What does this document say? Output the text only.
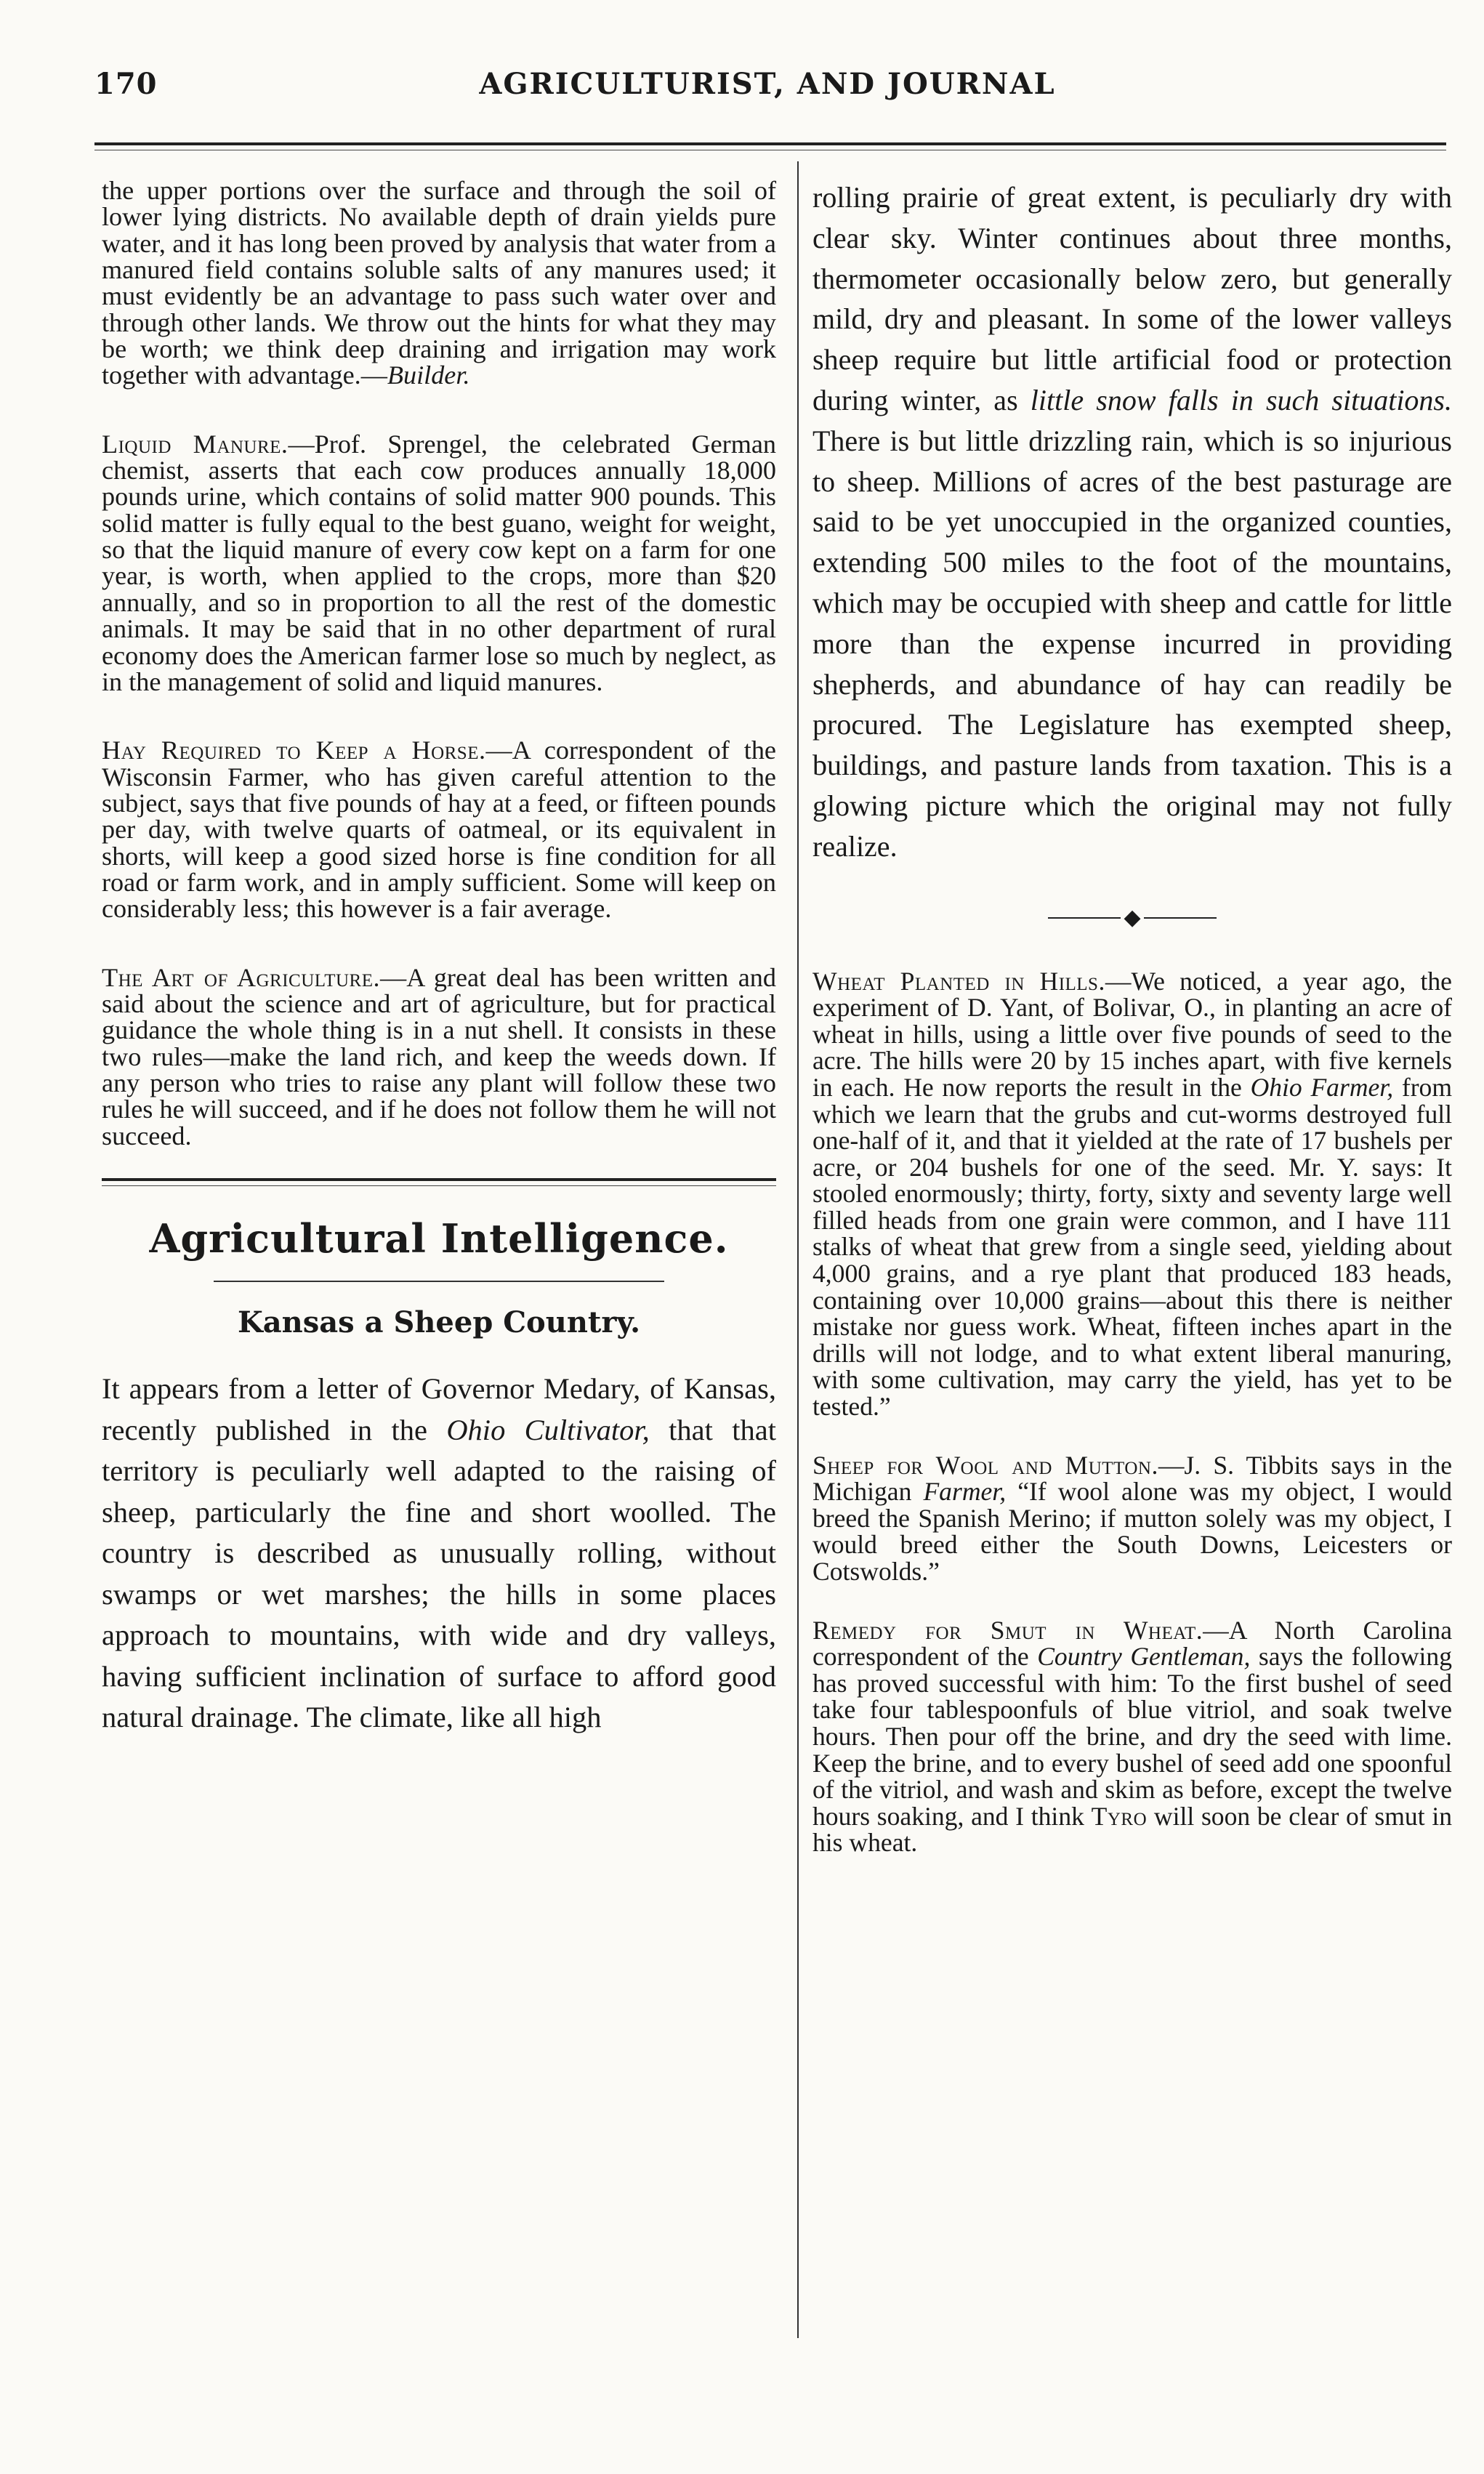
170	AGRICULTURIST, AND JOURNAL

the upper portions over the surface and through the soil of lower lying districts. No available depth of drain yields pure water, and it has long been proved by analysis that water from a manured field contains soluble salts of any manures used; it must evidently be an advantage to pass such water over and through other lands. We throw out the hints for what they may be worth; we think deep draining and irrigation may work together with advantage.—Builder.

Liquid Manure.—Prof. Sprengel, the celebrated German chemist, asserts that each cow produces annually 18,000 pounds urine, which contains of solid matter 900 pounds. This solid matter is fully equal to the best guano, weight for weight, so that the liquid manure of every cow kept on a farm for one year, is worth, when applied to the crops, more than $20 annually, and so in proportion to all the rest of the domestic animals. It may be said that in no other department of rural economy does the American farmer lose so much by neglect, as in the management of solid and liquid manures.

Hay Required to Keep a Horse.—A correspondent of the Wisconsin Farmer, who has given careful attention to the subject, says that five pounds of hay at a feed, or fifteen pounds per day, with twelve quarts of oatmeal, or its equivalent in shorts, will keep a good sized horse is fine condition for all road or farm work, and in amply sufficient. Some will keep on considerably less; this however is a fair average.

The Art of Agriculture.—A great deal has been written and said about the science and art of agriculture, but for practical guidance the whole thing is in a nut shell. It consists in these two rules—make the land rich, and keep the weeds down. If any person who tries to raise any plant will follow these two rules he will succeed, and if he does not follow them he will not succeed.

Agricultural Intelligence.
Kansas a Sheep Country.

It appears from a letter of Governor Medary, of Kansas, recently published in the Ohio Cultivator, that that territory is peculiarly well adapted to the raising of sheep, particularly the fine and short woolled. The country is described as unusually rolling, without swamps or wet marshes; the hills in some places approach to mountains, with wide and dry valleys, having sufficient inclination of surface to afford good natural drainage. The climate, like all high

rolling prairie of great extent, is peculiarly dry with clear sky. Winter continues about three months, thermometer occasionally below zero, but generally mild, dry and pleasant. In some of the lower valleys sheep require but little artificial food or protection during winter, as little snow falls in such situations. There is but little drizzling rain, which is so injurious to sheep. Millions of acres of the best pasturage are said to be yet unoccupied in the organized counties, extending 500 miles to the foot of the mountains, which may be occupied with sheep and cattle for little more than the expense incurred in providing shepherds, and abundance of hay can readily be procured. The Legislature has exempted sheep, buildings, and pasture lands from taxation. This is a glowing picture which the original may not fully realize.

◆

Wheat Planted in Hills.—We noticed, a year ago, the experiment of D. Yant, of Bolivar, O., in planting an acre of wheat in hills, using a little over five pounds of seed to the acre. The hills were 20 by 15 inches apart, with five kernels in each. He now reports the result in the Ohio Farmer, from which we learn that the grubs and cut-worms destroyed full one-half of it, and that it yielded at the rate of 17 bushels per acre, or 204 bushels for one of the seed. Mr. Y. says: It stooled enormously; thirty, forty, sixty and seventy large well filled heads from one grain were common, and I have 111 stalks of wheat that grew from a single seed, yielding about 4,000 grains, and a rye plant that produced 183 heads, containing over 10,000 grains—about this there is neither mistake nor guess work. Wheat, fifteen inches apart in the drills will not lodge, and to what extent liberal manuring, with some cultivation, may carry the yield, has yet to be tested.”

Sheep for Wool and Mutton.—J. S. Tibbits says in the Michigan Farmer, “If wool alone was my object, I would breed the Spanish Merino; if mutton solely was my object, I would breed either the South Downs, Leicesters or Cotswolds.”

Remedy for Smut in Wheat.—A North Carolina correspondent of the Country Gentleman, says the following has proved successful with him: To the first bushel of seed take four tablespoonfuls of blue vitriol, and soak twelve hours. Then pour off the brine, and dry the seed with lime. Keep the brine, and to every bushel of seed add one spoonful of the vitriol, and wash and skim as before, except the twelve hours soaking, and I think Tyro will soon be clear of smut in his wheat.
